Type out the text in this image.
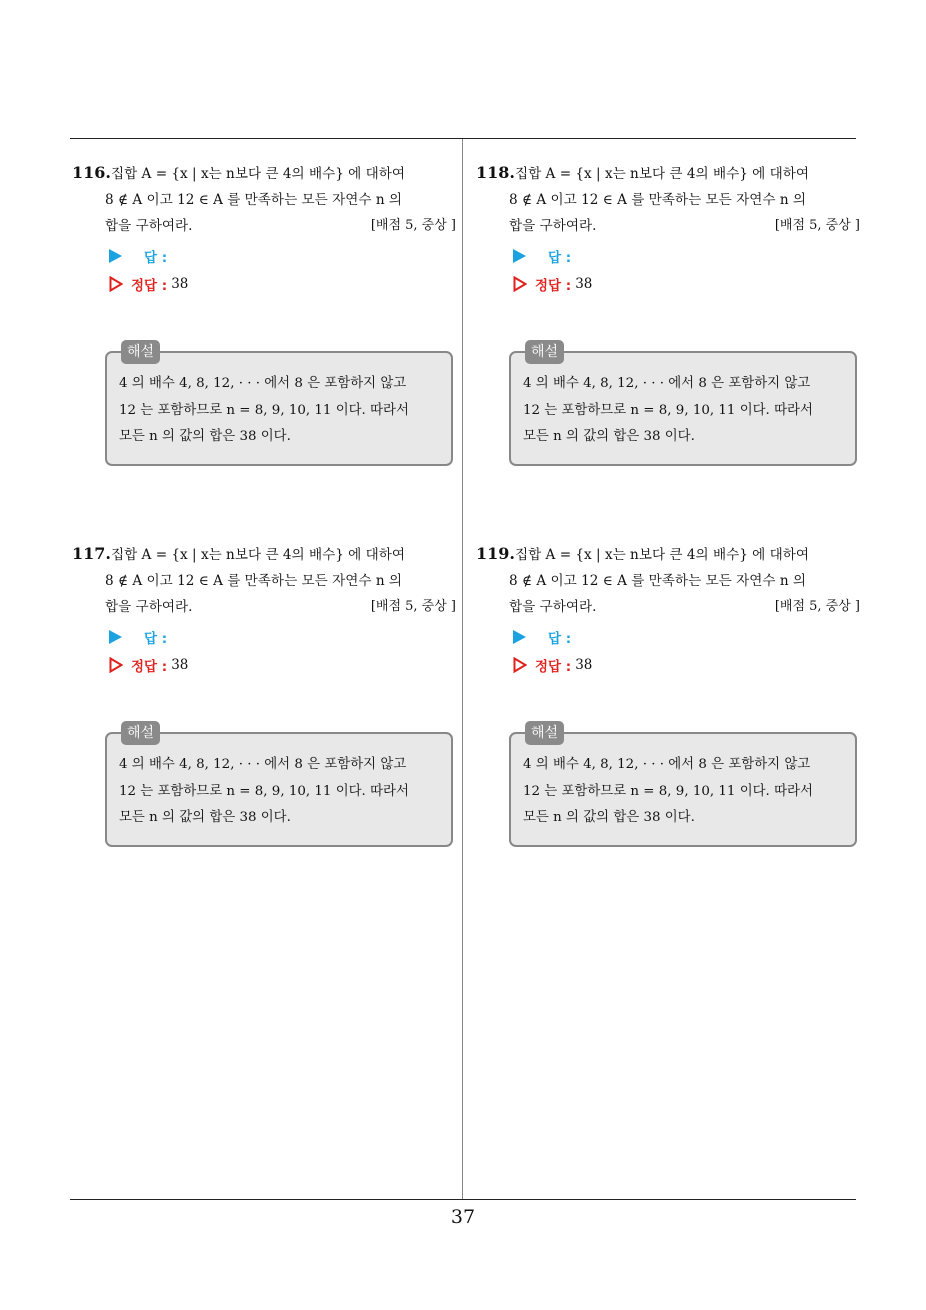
116.집합 A = {x | x는 n보다 큰 4의 배수} 에 대하여
8 ∉ A 이고 12 ∈ A 를 만족하는 모든 자연수 n 의
합을 구하여라.	[배점 5, 중상 ]
답 :
정답 : 38
해설
4 의 배수 4, 8, 12, · · · 에서 8 은 포함하지 않고
12 는 포함하므로 n = 8, 9, 10, 11 이다. 따라서
모든 n 의 값의 합은 38 이다.
117.집합 A = {x | x는 n보다 큰 4의 배수} 에 대하여
8 ∉ A 이고 12 ∈ A 를 만족하는 모든 자연수 n 의
합을 구하여라.	[배점 5, 중상 ]
답 :
정답 : 38
해설
4 의 배수 4, 8, 12, · · · 에서 8 은 포함하지 않고
12 는 포함하므로 n = 8, 9, 10, 11 이다. 따라서
모든 n 의 값의 합은 38 이다.
118.집합 A = {x | x는 n보다 큰 4의 배수} 에 대하여
8 ∉ A 이고 12 ∈ A 를 만족하는 모든 자연수 n 의
합을 구하여라.	[배점 5, 중상 ]
답 :
정답 : 38
해설
4 의 배수 4, 8, 12, · · · 에서 8 은 포함하지 않고
12 는 포함하므로 n = 8, 9, 10, 11 이다. 따라서
모든 n 의 값의 합은 38 이다.
119.집합 A = {x | x는 n보다 큰 4의 배수} 에 대하여
8 ∉ A 이고 12 ∈ A 를 만족하는 모든 자연수 n 의
합을 구하여라.	[배점 5, 중상 ]
답 :
정답 : 38
해설
4 의 배수 4, 8, 12, · · · 에서 8 은 포함하지 않고
12 는 포함하므로 n = 8, 9, 10, 11 이다. 따라서
모든 n 의 값의 합은 38 이다.
37
